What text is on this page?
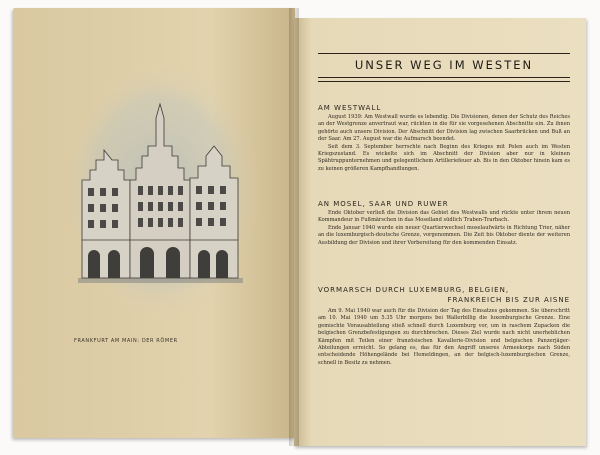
FRANKFURT AM MAIN: DER RÖMER
UNSER WEG IM WESTEN
AM WESTWALL

August 1939: Am Westwall wurde es lebendig. Die Divisionen, denen der Schutz des Reiches an der Westgrenze anvertraut war, rückten in die für sie vorgesehenen Abschnitte ein. Zu ihnen gehörte auch unsere Division. Der Abschnitt der Division lag zwischen Saarbrücken und Buß an der Saar. Am 27. August war die Aufmarsch beendet.

Seit dem 3. September herrschte nach Beginn des Krieges mit Polen auch im Westen Kriegszustand. Es wickelte sich im Abschnitt der Division aber nur in kleinen Spähtruppunternehmen und gelegentlichem Artilleriefeuer ab. Bis in den Oktober hinein kam es zu keinen größeren Kampfhandlungen.

AN MOSEL, SAAR UND RUWER

Ende Oktober verließ die Division das Gebiet des Westwalls und rückte unter ihrem neuen Kommandeur in Fußmärschen in das Moselland südlich Traben-Trarbach.

Ende Januar 1940 wurde ein neuer Quartierwechsel moselaufwärts in Richtung Trier, näher an die luxemburgisch-deutsche Grenze, vorgenommen. Die Zeit bis Oktober diente der weiteren Ausbildung der Division und ihrer Vorbereitung für den kommenden Einsatz.

VORMARSCH DURCH LUXEMBURG, BELGIEN,
FRANKREICH BIS ZUR AISNE

Am 9. Mai 1940 war auch für die Division der Tag des Einsatzes gekommen. Sie überschritt am 10. Mai 1940 um 5.35 Uhr morgens bei Wallerbillig die luxemburgische Grenze. Eine gemischte Vorausabteilung stieß schnell durch Luxemburg vor, um in raschem Zupacken die belgischen Grenzbefestigungen zu durchbrechen. Dieses Ziel wurde nach nicht unerheblichen Kämpfen mit Teilen einer französischen Kavallerie-Division und belgischen Panzerjäger-Abteilungen erreicht. So gelang es, das für den Angriff unseres Armeekorps nach Süden entscheidende Höhengelände bei Hemeldingen, an der belgisch-luxemburgischen Grenze, schnell in Besitz zu nehmen.
